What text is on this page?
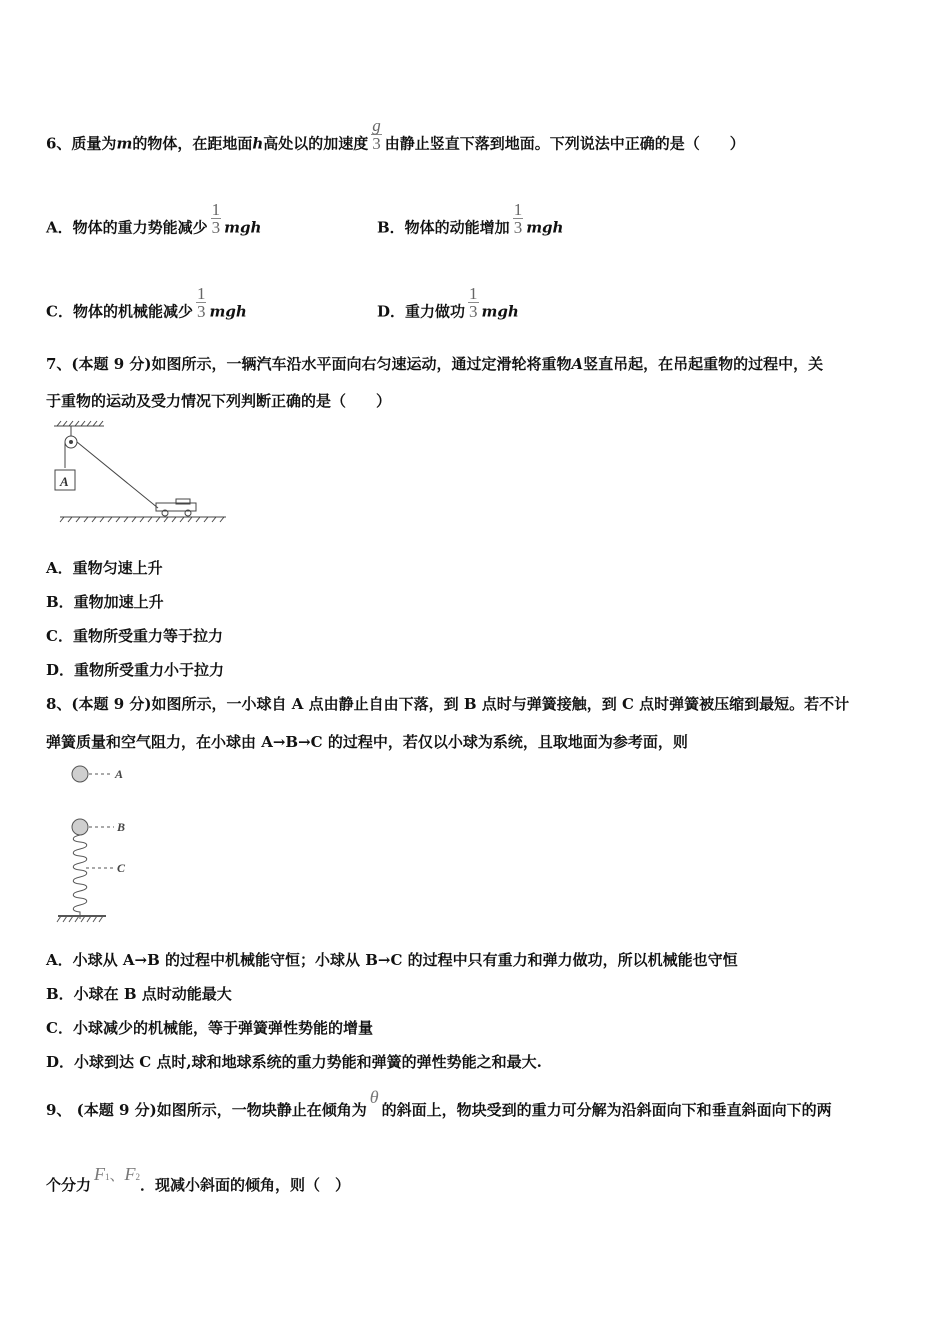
6、质量为m的物体，在距地面h高处以的加速度 $\frac{g}{3}$ 由静止竖直下落到地面。下列说法中正确的是（　　）
A．物体的重力势能减少 $\frac{1}{3}$ mgh	B．物体的动能增加 $\frac{1}{3}$ mgh
C．物体的机械能减少 $\frac{1}{3}$ mgh	D．重力做功 $\frac{1}{3}$ mgh
7、(本题 9 分)如图所示，一辆汽车沿水平面向右匀速运动，通过定滑轮将重物A竖直吊起，在吊起重物的过程中，关
于重物的运动及受力情况下列判断正确的是（　　）
A
A．重物匀速上升
B．重物加速上升
C．重物所受重力等于拉力
D．重物所受重力小于拉力
8、(本题 9 分)如图所示，一小球自 A 点由静止自由下落，到 B 点时与弹簧接触，到 C 点时弹簧被压缩到最短。若不计
弹簧质量和空气阻力，在小球由 A→B→C 的过程中，若仅以小球为系统，且取地面为参考面，则
A
B
C
A．小球从 A→B 的过程中机械能守恒；小球从 B→C 的过程中只有重力和弹力做功，所以机械能也守恒
B．小球在 B 点时动能最大
C．小球减少的机械能，等于弹簧弹性势能的增量
D．小球到达 C 点时,球和地球系统的重力势能和弹簧的弹性势能之和最大.
9、 (本题 9 分)如图所示，一物块静止在倾角为θ的斜面上，物块受到的重力可分解为沿斜面向下和垂直斜面向下的两
个分力F1、F2．现减小斜面的倾角，则（　）
